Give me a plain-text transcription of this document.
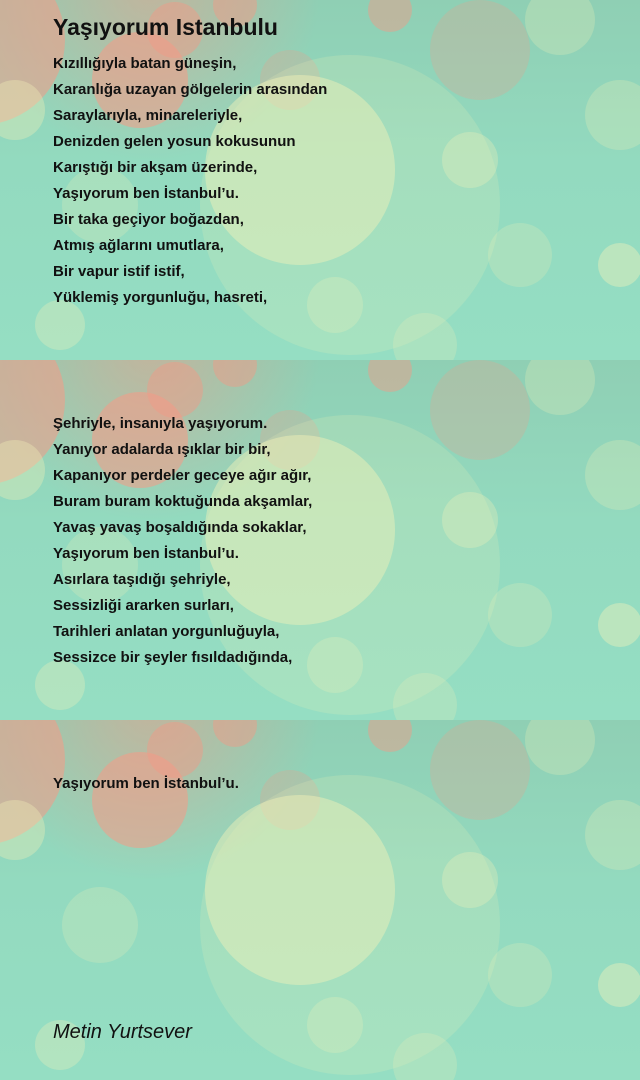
Yaşıyorum Istanbulu
Kızıllığıyla batan güneşin,
Karanlığa uzayan gölgelerin arasından
Saraylarıyla, minareleriyle,
Denizden gelen yosun kokusunun
Karıştığı bir akşam üzerinde,
Yaşıyorum ben İstanbul’u.
Bir taka geçiyor boğazdan,
Atmış ağlarını umutlara,
Bir vapur istif istif,
Yüklemiş yorgunluğu, hasreti,
Şehriyle, insanıyla yaşıyorum.
Yanıyor adalarda ışıklar bir bir,
Kapanıyor perdeler geceye ağır ağır,
Buram buram koktuğunda akşamlar,
Yavaş yavaş boşaldığında sokaklar,
Yaşıyorum ben İstanbul’u.
Asırlara taşıdığı şehriyle,
Sessizliği ararken surları,
Tarihleri anlatan yorgunluğuyla,
Sessizce bir şeyler fısıldadığında,
Yaşıyorum ben İstanbul’u.
Metin Yurtsever
